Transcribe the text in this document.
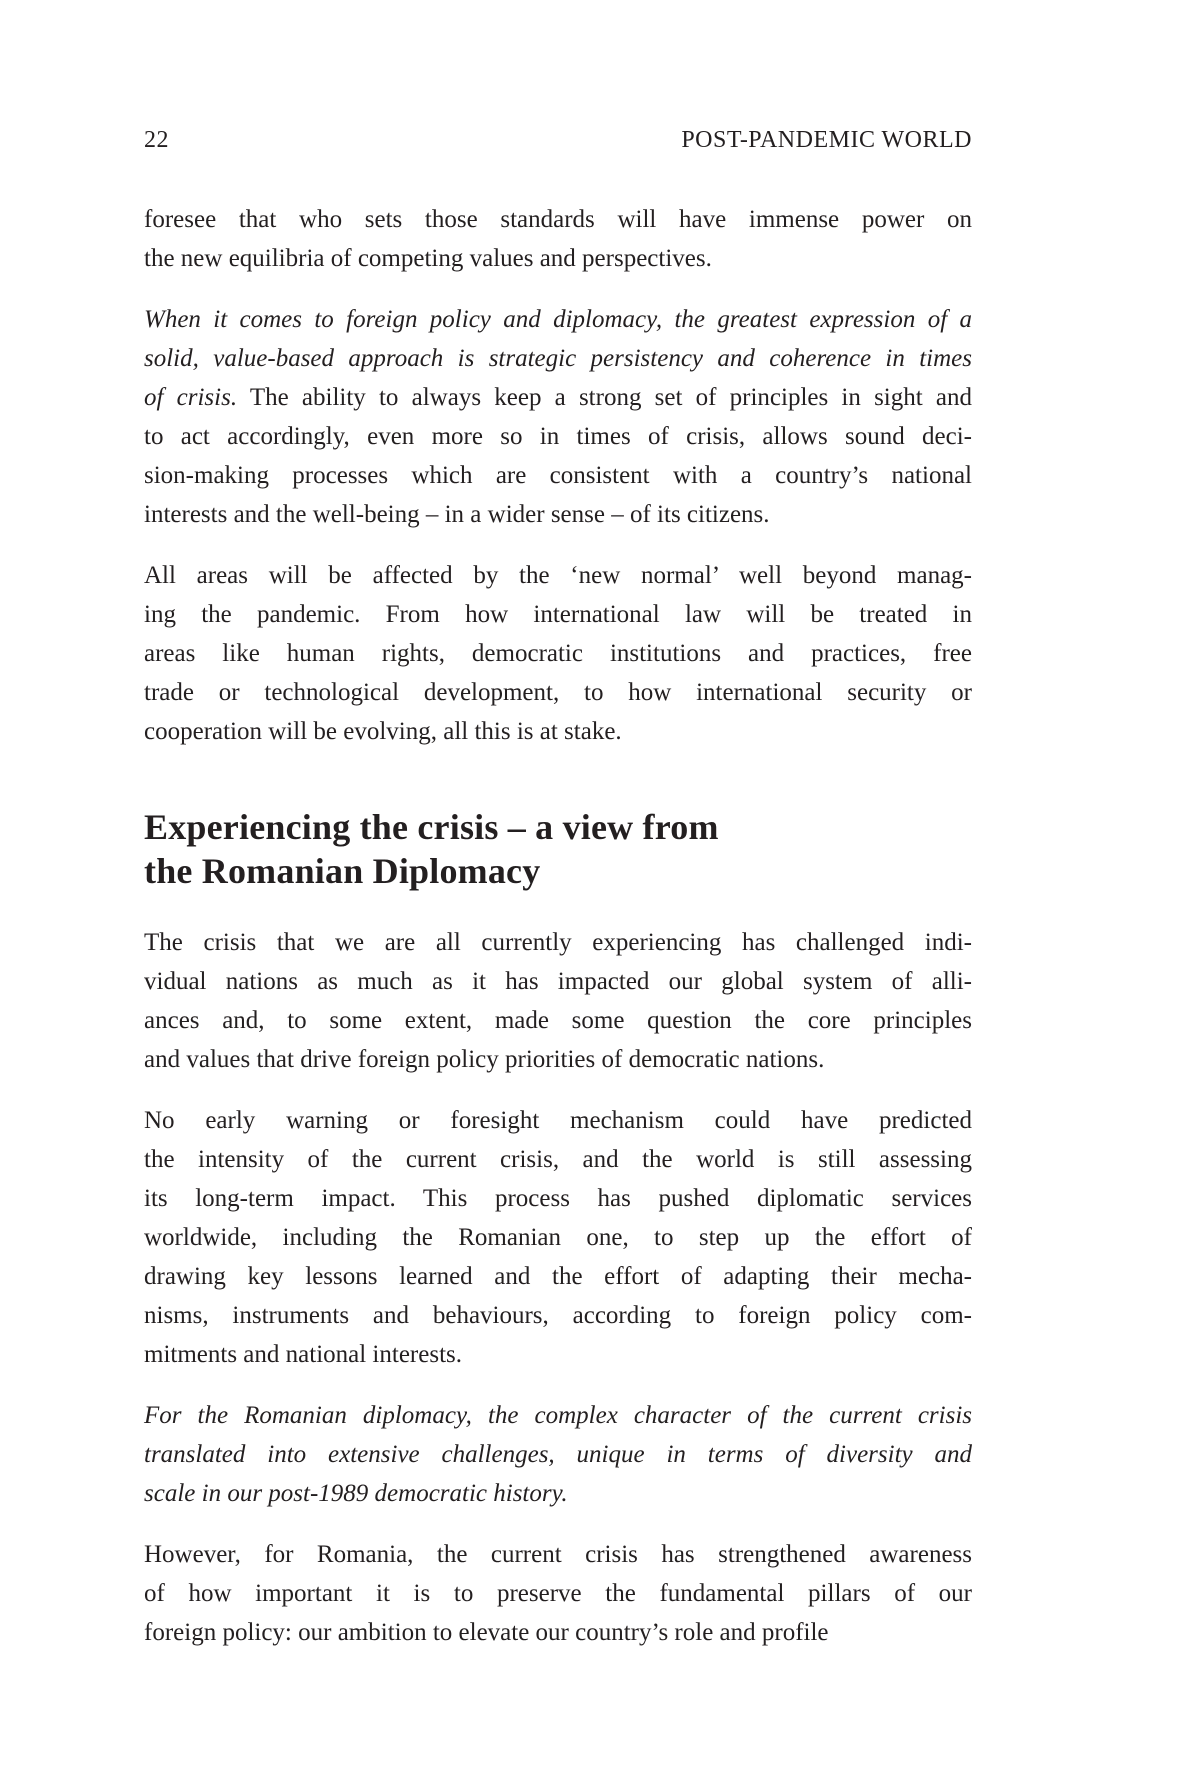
22	POST-PANDEMIC WORLD
foresee that who sets those standards will have immense power on
the new equilibria of competing values and perspectives.
When it comes to foreign policy and diplomacy, the greatest expression of a
solid, value-based approach is strategic persistency and coherence in times
of crisis. The ability to always keep a strong set of principles in sight and
to act accordingly, even more so in times of crisis, allows sound deci-
sion-making processes which are consistent with a country’s national
interests and the well-being – in a wider sense – of its citizens.
All areas will be affected by the ‘new normal’ well beyond manag-
ing the pandemic. From how international law will be treated in
areas like human rights, democratic institutions and practices, free
trade or technological development, to how international security or
cooperation will be evolving, all this is at stake.
Experiencing the crisis – a view from
the Romanian Diplomacy
The crisis that we are all currently experiencing has challenged indi-
vidual nations as much as it has impacted our global system of alli-
ances and, to some extent, made some question the core principles
and values that drive foreign policy priorities of democratic nations.
No early warning or foresight mechanism could have predicted
the intensity of the current crisis, and the world is still assessing
its long-term impact. This process has pushed diplomatic services
worldwide, including the Romanian one, to step up the effort of
drawing key lessons learned and the effort of adapting their mecha-
nisms, instruments and behaviours, according to foreign policy com-
mitments and national interests.
For the Romanian diplomacy, the complex character of the current crisis
translated into extensive challenges, unique in terms of diversity and
scale in our post-1989 democratic history.
However, for Romania, the current crisis has strengthened awareness
of how important it is to preserve the fundamental pillars of our
foreign policy: our ambition to elevate our country’s role and profile
